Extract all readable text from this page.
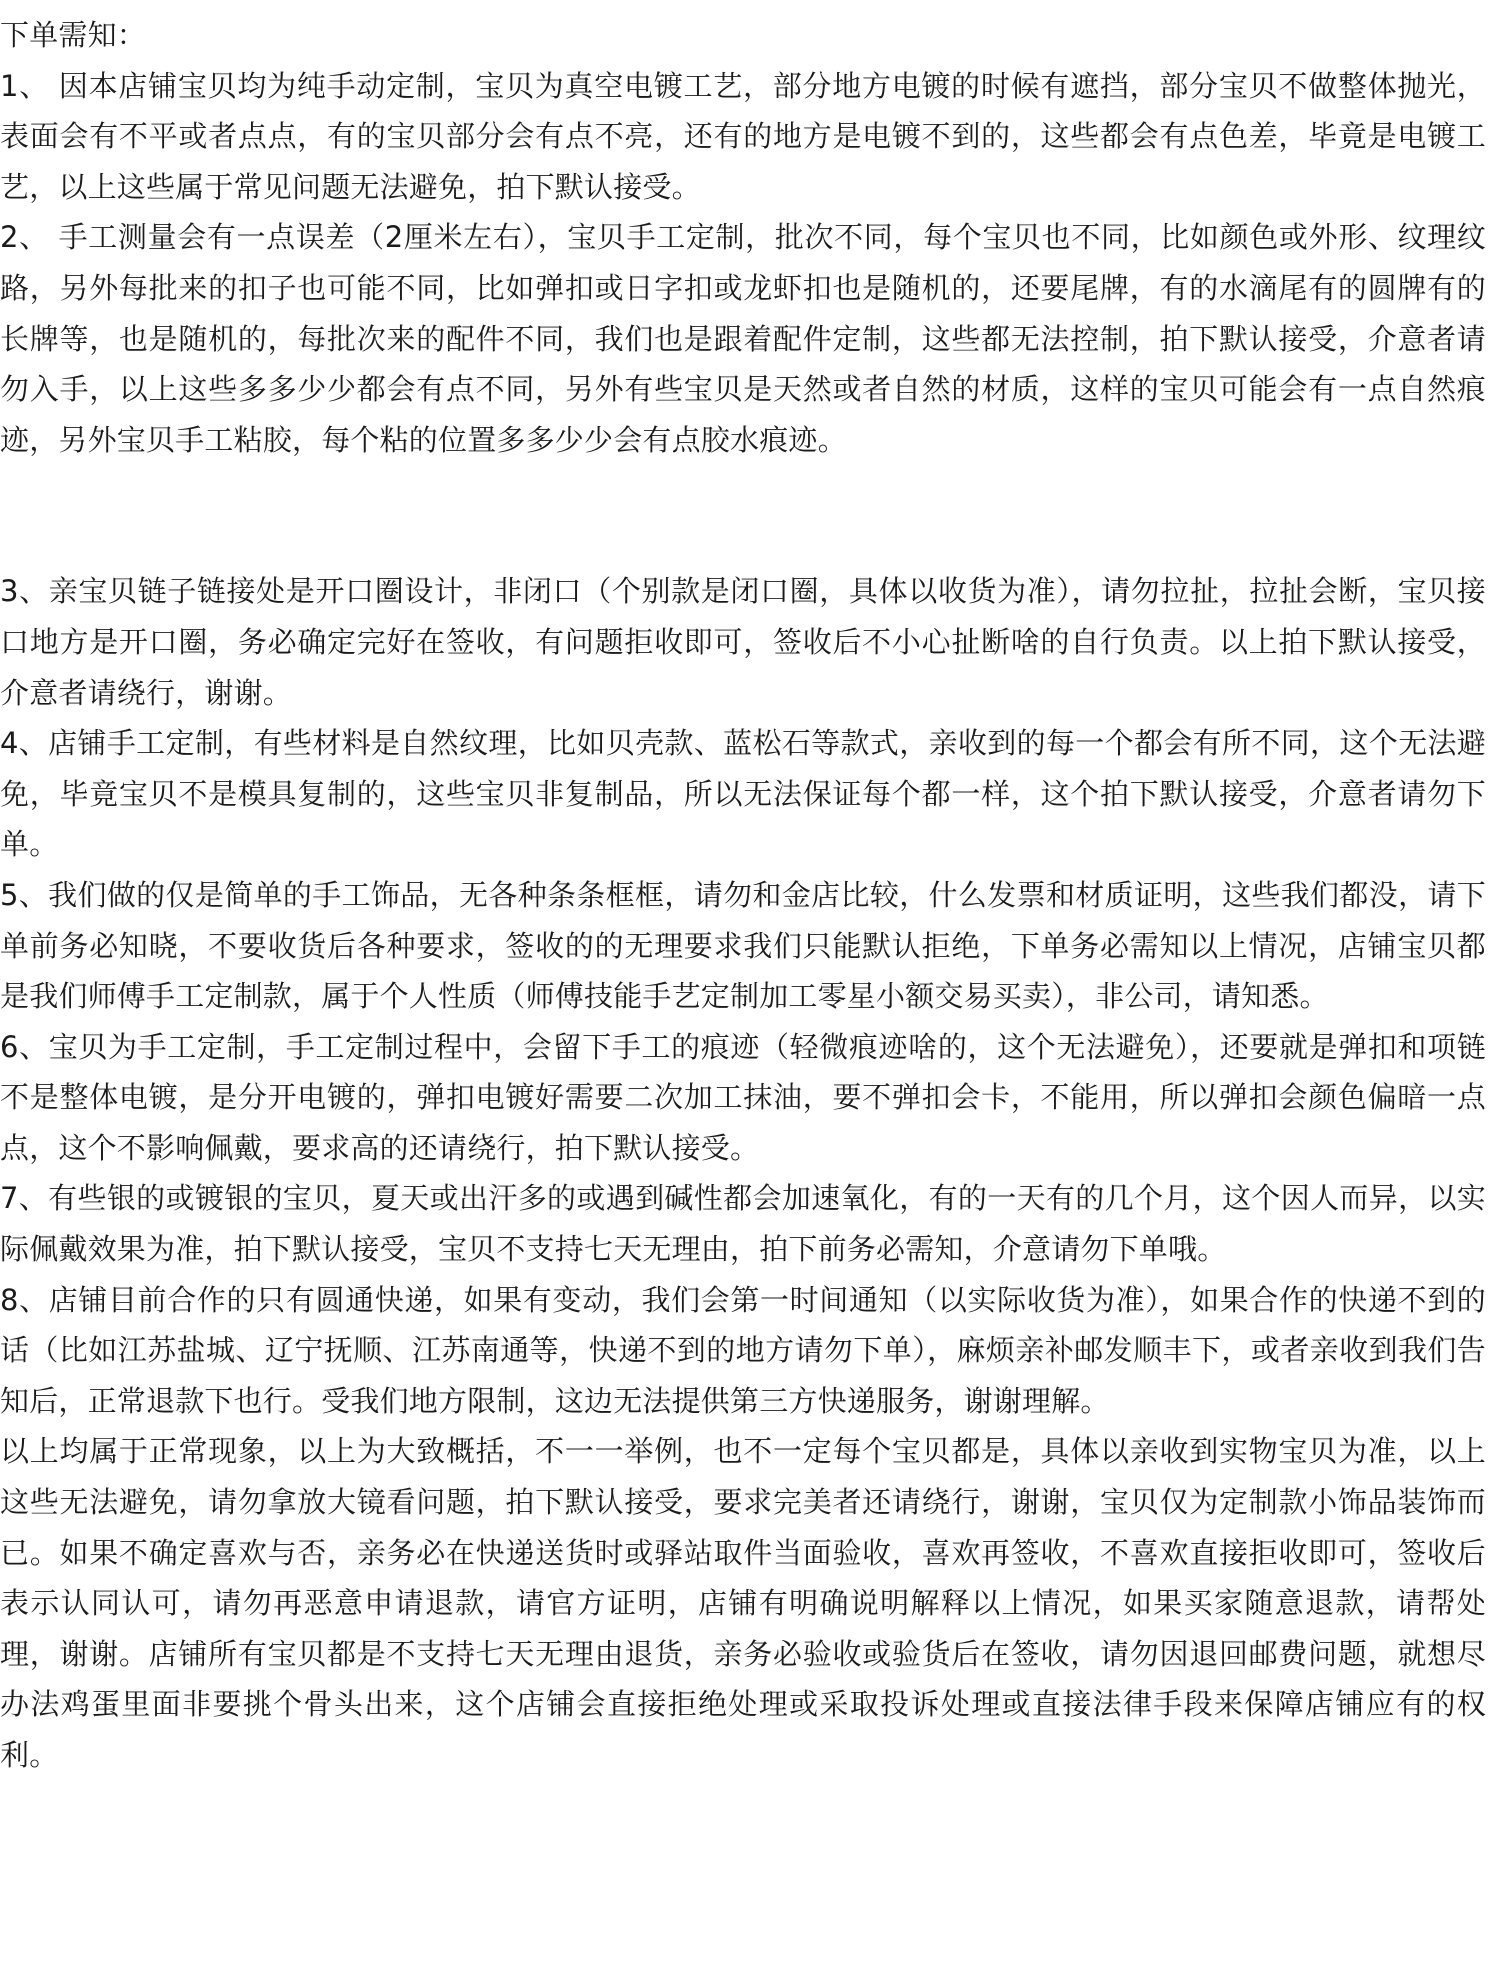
下单需知：

1、 因本店铺宝贝均为纯手动定制，宝贝为真空电镀工艺，部分地方电镀的时候有遮挡，部分宝贝不做整体抛光，表面会有不平或者点点，有的宝贝部分会有点不亮，还有的地方是电镀不到的，这些都会有点色差，毕竟是电镀工艺，以上这些属于常见问题无法避免，拍下默认接受。

2、 手工测量会有一点误差（2厘米左右），宝贝手工定制，批次不同，每个宝贝也不同，比如颜色或外形、纹理纹路，另外每批来的扣子也可能不同，比如弹扣或日字扣或龙虾扣也是随机的，还要尾牌，有的水滴尾有的圆牌有的长牌等，也是随机的，每批次来的配件不同，我们也是跟着配件定制，这些都无法控制，拍下默认接受，介意者请勿入手，以上这些多多少少都会有点不同，另外有些宝贝是天然或者自然的材质，这样的宝贝可能会有一点自然痕迹，另外宝贝手工粘胶，每个粘的位置多多少少会有点胶水痕迹。

3、亲宝贝链子链接处是开口圈设计，非闭口（个别款是闭口圈，具体以收货为准），请勿拉扯，拉扯会断，宝贝接口地方是开口圈，务必确定完好在签收，有问题拒收即可，签收后不小心扯断啥的自行负责。以上拍下默认接受，介意者请绕行，谢谢。

4、店铺手工定制，有些材料是自然纹理，比如贝壳款、蓝松石等款式，亲收到的每一个都会有所不同，这个无法避免，毕竟宝贝不是模具复制的，这些宝贝非复制品，所以无法保证每个都一样，这个拍下默认接受，介意者请勿下单。

5、我们做的仅是简单的手工饰品，无各种条条框框，请勿和金店比较，什么发票和材质证明，这些我们都没，请下单前务必知晓，不要收货后各种要求，签收的的无理要求我们只能默认拒绝，下单务必需知以上情况，店铺宝贝都是我们师傅手工定制款，属于个人性质（师傅技能手艺定制加工零星小额交易买卖），非公司，请知悉。

6、宝贝为手工定制，手工定制过程中，会留下手工的痕迹（轻微痕迹啥的，这个无法避免），还要就是弹扣和项链不是整体电镀，是分开电镀的，弹扣电镀好需要二次加工抹油，要不弹扣会卡，不能用，所以弹扣会颜色偏暗一点点，这个不影响佩戴，要求高的还请绕行，拍下默认接受。

7、有些银的或镀银的宝贝，夏天或出汗多的或遇到碱性都会加速氧化，有的一天有的几个月，这个因人而异，以实际佩戴效果为准，拍下默认接受，宝贝不支持七天无理由，拍下前务必需知，介意请勿下单哦。

8、店铺目前合作的只有圆通快递，如果有变动，我们会第一时间通知（以实际收货为准），如果合作的快递不到的话（比如江苏盐城、辽宁抚顺、江苏南通等，快递不到的地方请勿下单），麻烦亲补邮发顺丰下，或者亲收到我们告知后，正常退款下也行。受我们地方限制，这边无法提供第三方快递服务，谢谢理解。

以上均属于正常现象，以上为大致概括，不一一举例，也不一定每个宝贝都是，具体以亲收到实物宝贝为准，以上这些无法避免，请勿拿放大镜看问题，拍下默认接受，要求完美者还请绕行，谢谢，宝贝仅为定制款小饰品装饰而已。如果不确定喜欢与否，亲务必在快递送货时或驿站取件当面验收，喜欢再签收，不喜欢直接拒收即可，签收后表示认同认可，请勿再恶意申请退款，请官方证明，店铺有明确说明解释以上情况，如果买家随意退款，请帮处理，谢谢。店铺所有宝贝都是不支持七天无理由退货，亲务必验收或验货后在签收，请勿因退回邮费问题，就想尽办法鸡蛋里面非要挑个骨头出来，这个店铺会直接拒绝处理或采取投诉处理或直接法律手段来保障店铺应有的权利。
